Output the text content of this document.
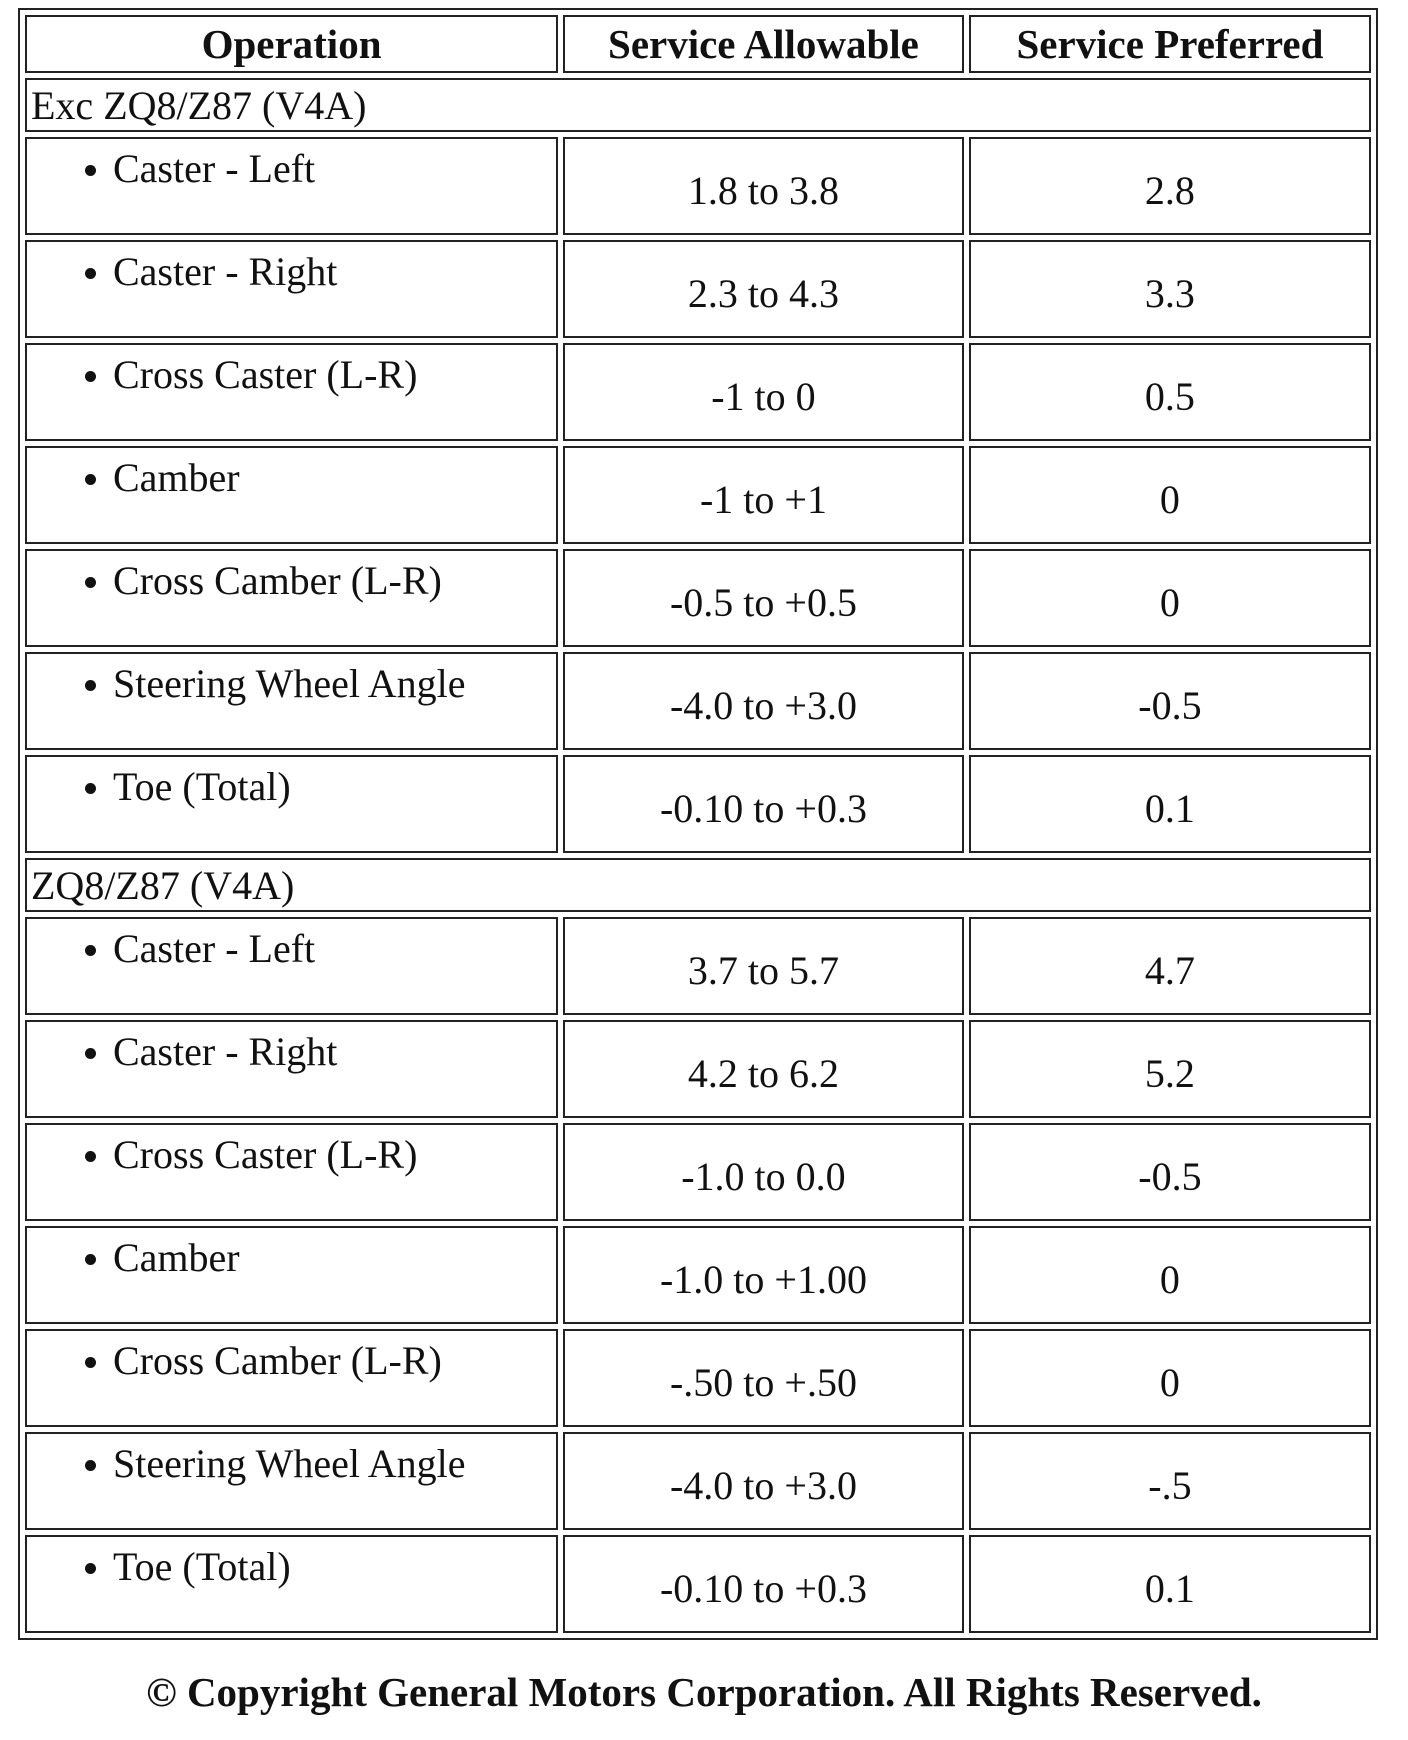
Operation	Service Allowable	Service Preferred
Exc ZQ8/Z87 (V4A)		

Caster - Left	1.8 to 3.8	2.8

Caster - Right	2.3 to 4.3	3.3

Cross Caster (L-R)	-1 to 0	0.5

Camber	-1 to +1	0

Cross Camber (L-R)	-0.5 to +0.5	0

Steering Wheel Angle	-4.0 to +3.0	-0.5

Toe (Total)	-0.10 to +0.3	0.1
ZQ8/Z87 (V4A)		

Caster - Left	3.7 to 5.7	4.7

Caster - Right	4.2 to 6.2	5.2

Cross Caster (L-R)	-1.0 to 0.0	-0.5

Camber	-1.0 to +1.00	0

Cross Camber (L-R)	-.50 to +.50	0

Steering Wheel Angle	-4.0 to +3.0	-.5

Toe (Total)	-0.10 to +0.3	0.1
© Copyright General Motors Corporation. All Rights Reserved.
